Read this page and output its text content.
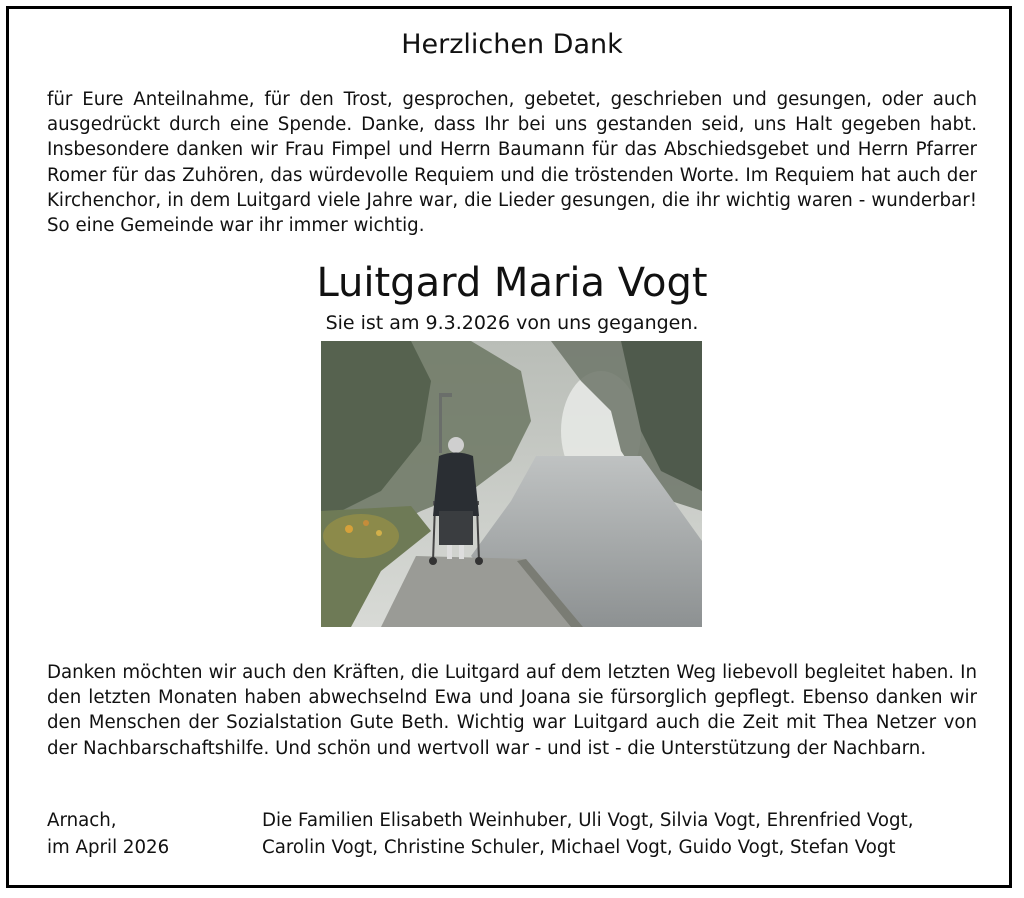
Herzlichen Dank
für Eure Anteilnahme, für den Trost, gesprochen, gebetet, geschrieben und gesungen, oder auch ausgedrückt durch eine Spende. Danke, dass Ihr bei uns gestanden seid, uns Halt gegeben habt. Insbesondere danken wir Frau Fimpel und Herrn Baumann für das Abschiedsgebet und Herrn Pfarrer Romer für das Zuhören, das würdevolle Requiem und die tröstenden Worte. Im Requiem hat auch der Kirchenchor, in dem Luitgard viele Jahre war, die Lieder gesungen, die ihr wichtig waren - wunderbar! So eine Gemeinde war ihr immer wichtig.
Luitgard Maria Vogt
Sie ist am 9.3.2026 von uns gegangen.
Danken möchten wir auch den Kräften, die Luitgard auf dem letzten Weg liebevoll begleitet haben. In den letzten Monaten haben abwechselnd Ewa und Joana sie fürsorglich gepflegt. Ebenso danken wir den Menschen der Sozialstation Gute Beth. Wichtig war Luitgard auch die Zeit mit Thea Netzer von der Nachbarschaftshilfe. Und schön und wertvoll war - und ist - die Unterstützung der Nachbarn.
Arnach,
im April 2026
Die Familien Elisabeth Weinhuber, Uli Vogt, Silvia Vogt, Ehrenfried Vogt,
Carolin Vogt, Christine Schuler, Michael Vogt, Guido Vogt, Stefan Vogt
